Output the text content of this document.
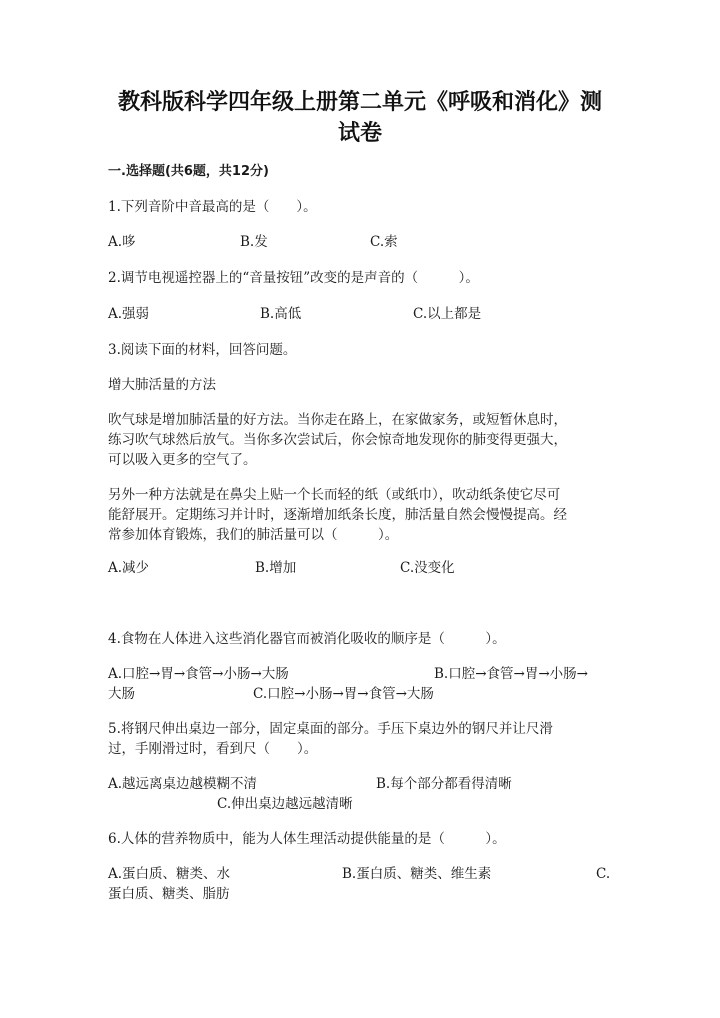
教科版科学四年级上册第二单元《呼吸和消化》测
试卷
一.选择题(共6题，共12分)
1.下列音阶中音最高的是（　　）。
A.哆	B.发	C.索
2.调节电视遥控器上的“音量按钮”改变的是声音的（　　　）。
A.强弱	B.高低	C.以上都是
3.阅读下面的材料，回答问题。
增大肺活量的方法
吹气球是增加肺活量的好方法。当你走在路上，在家做家务，或短暂休息时，
练习吹气球然后放气。当你多次尝试后，你会惊奇地发现你的肺变得更强大，
可以吸入更多的空气了。
另外一种方法就是在鼻尖上贴一个长而轻的纸（或纸巾），吹动纸条使它尽可
能舒展开。定期练习并计时，逐渐增加纸条长度，肺活量自然会慢慢提高。经
常参加体育锻炼，我们的肺活量可以（　　　）。
A.减少	B.增加	C.没变化
4.食物在人体进入这些消化器官而被消化吸收的顺序是（　　　）。
A.口腔→胃→食管→小肠→大肠	B.口腔→食管→胃→小肠→
大肠	C.口腔→小肠→胃→食管→大肠
5.将钢尺伸出桌边一部分，固定桌面的部分。手压下桌边外的钢尺并让尺滑
过，手刚滑过时，看到尺（　　）。
A.越远离桌边越模糊不清	B.每个部分都看得清晰
C.伸出桌边越远越清晰
6.人体的营养物质中，能为人体生理活动提供能量的是（　　　）。
A.蛋白质、糖类、水	B.蛋白质、糖类、维生素	C.
蛋白质、糖类、脂肪
